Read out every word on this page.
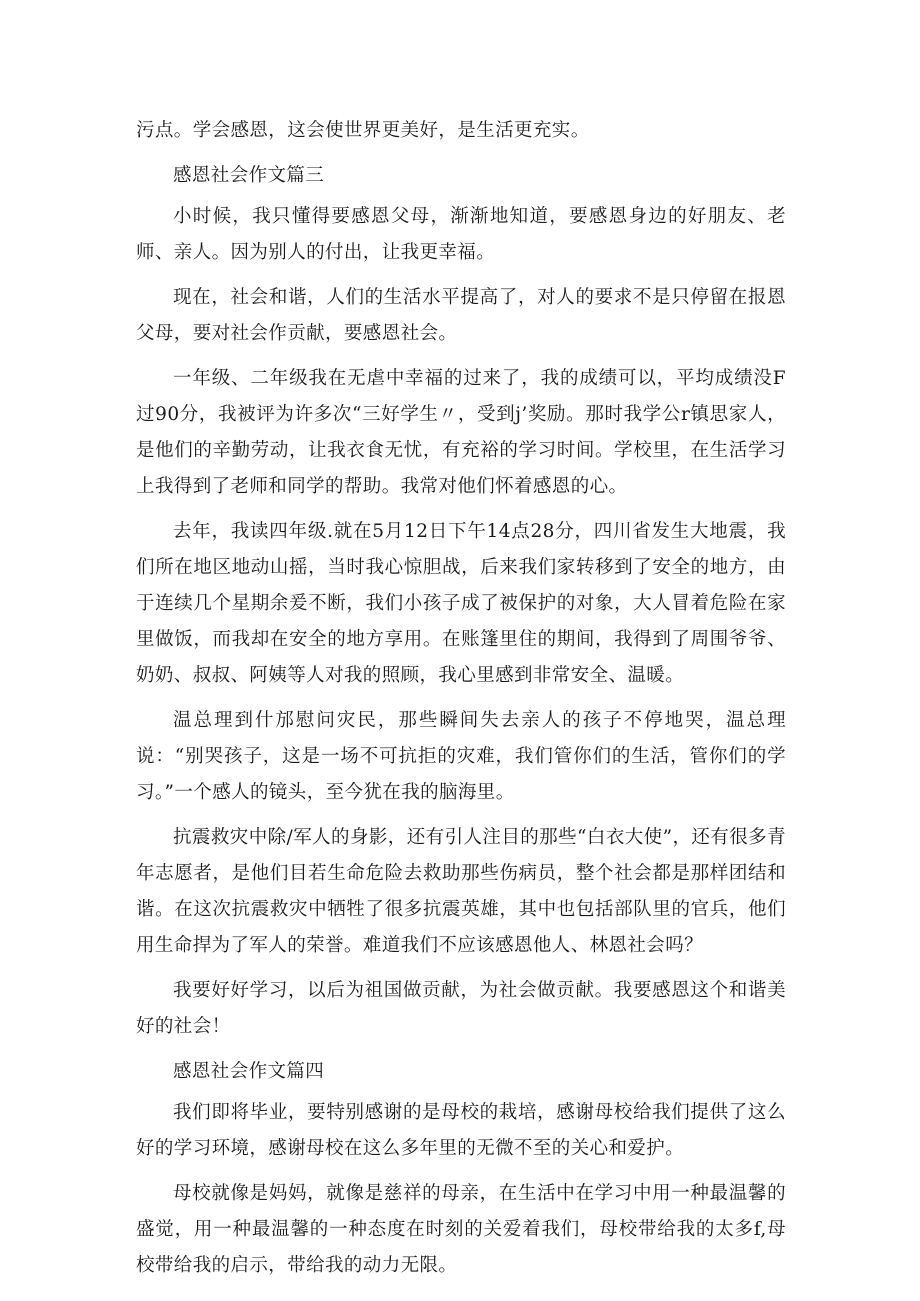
污点。学会感恩，这会使世界更美好，是生活更充实。

感恩社会作文篇三

小时候，我只懂得要感恩父母，渐渐地知道，要感恩身边的好朋友、老师、亲人。因为别人的付出，让我更幸福。

现在，社会和谐，人们的生活水平提高了，对人的要求不是只停留在报恩父母，要对社会作贡献，要感恩社会。

一年级、二年级我在无虐中幸福的过来了，我的成绩可以，平均成绩没F过90分，我被评为许多次“三好学生〃，受到j’奖励。那时我学公r镇思家人，是他们的辛勤劳动，让我衣食无忧，有充裕的学习时间。学校里，在生活学习上我得到了老师和同学的帮助。我常对他们怀着感恩的心。

去年，我读四年级.就在5月12日下午14点28分，四川省发生大地震，我们所在地区地动山摇，当时我心惊胆战，后来我们家转移到了安全的地方，由于连续几个星期余爰不断，我们小孩子成了被保护的对象，大人冒着危险在家里做饭，而我却在安全的地方享用。在账篷里住的期间，我得到了周围爷爷、奶奶、叔叔、阿姨等人对我的照顾，我心里感到非常安全、温暖。

温总理到什邡慰问灾民，那些瞬间失去亲人的孩子不停地哭，温总理说：“别哭孩子，这是一场不可抗拒的灾难，我们管你们的生活，管你们的学习。”一个感人的镜头，至今犹在我的脑海里。

抗震救灾中除/军人的身影，还有引人注目的那些“白衣大使”，还有很多青年志愿者，是他们目若生命危险去救助那些伤病员，整个社会都是那样团结和谐。在这次抗震救灾中牺牲了很多抗震英雄，其中也包括部队里的官兵，他们用生命捍为了军人的荣誉。难道我们不应该感恩他人、林恩社会吗？

我要好好学习，以后为祖国做贡献，为社会做贡献。我要感恩这个和谐美好的社会！

感恩社会作文篇四

我们即将毕业，要特别感谢的是母校的栽培，感谢母校给我们提供了这么好的学习环境，感谢母校在这么多年里的无微不至的关心和爱护。

母校就像是妈妈，就像是慈祥的母亲，在生活中在学习中用一种最温馨的盛觉，用一种最温馨的一种态度在时刻的关爱着我们，母校带给我的太多f,母校带给我的启示，带给我的动力无限。
